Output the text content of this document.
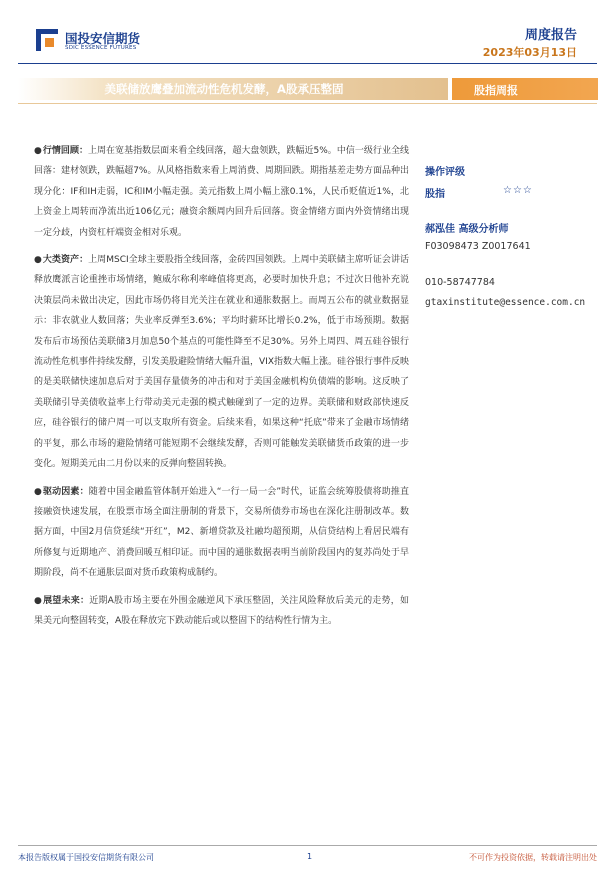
国投安信期货
SDIC ESSENCE FUTURES
周度报告
2023年03月13日
美联储放鹰叠加流动性危机发酵，A股承压整固	股指周报

●行情回顾：上周在宽基指数层面来看全线回落，超大盘领跌，跌幅近5%。中信一级行业全线回落：建材领跌，跌幅超7%。从风格指数来看上周消费、周期回跌。期指基差走势方面品种出现分化：IF和IH走弱，IC和IM小幅走强。美元指数上周小幅上涨0.1%，人民币贬值近1%，北上资金上周转而净流出近106亿元；融资余额周内回升后回落。资金情绪方面内外资情绪出现一定分歧，内资杠杆端资金相对乐观。

●大类资产：上周MSCI全球主要股指全线回落，金砖四国领跌。上周中美联储主席听证会讲话释放鹰派言论重挫市场情绪，鲍威尔称利率峰值将更高，必要时加快升息；不过次日他补充说决策层尚未做出决定，因此市场仍将目光关注在就业和通胀数据上。而周五公布的就业数据显示：非农就业人数回落；失业率反弹至3.6%；平均时薪环比增长0.2%，低于市场预期。数据发布后市场预估美联储3月加息50个基点的可能性降至不足30%。另外上周四、周五硅谷银行流动性危机事件持续发酵，引发美股避险情绪大幅升温，VIX指数大幅上涨。硅谷银行事件反映的是美联储快速加息后对于美国存量债务的冲击和对于美国金融机构负债端的影响。这反映了美联储引导美债收益率上行带动美元走强的模式触碰到了一定的边界。美联储和财政部快速反应，硅谷银行的储户周一可以支取所有资金。后续来看，如果这种“托底”带来了金融市场情绪的平复，那么市场的避险情绪可能短期不会继续发酵，否则可能触发美联储货币政策的进一步变化。短期美元由二月份以来的反弹向整固转换。

●驱动因素：随着中国金融监管体制开始进入“一行一局一会”时代，证监会统筹股债将助推直接融资快速发展，在股票市场全面注册制的背景下，交易所债券市场也在深化注册制改革。数据方面，中国2月信贷延续“开红”，M2、新增贷款及社融均超预期，从信贷结构上看居民端有所修复与近期地产、消费回暖互相印证。而中国的通胀数据表明当前阶段国内的复苏尚处于早期阶段，尚不在通胀层面对货币政策构成制约。

●展望未来：近期A股市场主要在外围金融逆风下承压整固，关注风险释放后美元的走势，如果美元向整固转变，A股在释放完下跌动能后或以整固下的结构性行情为主。

操作评级
股指	☆☆☆
郝泓佳 高级分析师
F03098473 Z0017641
010-58747784
gtaxinstitute@essence.com.cn
本报告版权属于国投安信期货有限公司	1	不可作为投资依据，转载请注明出处
